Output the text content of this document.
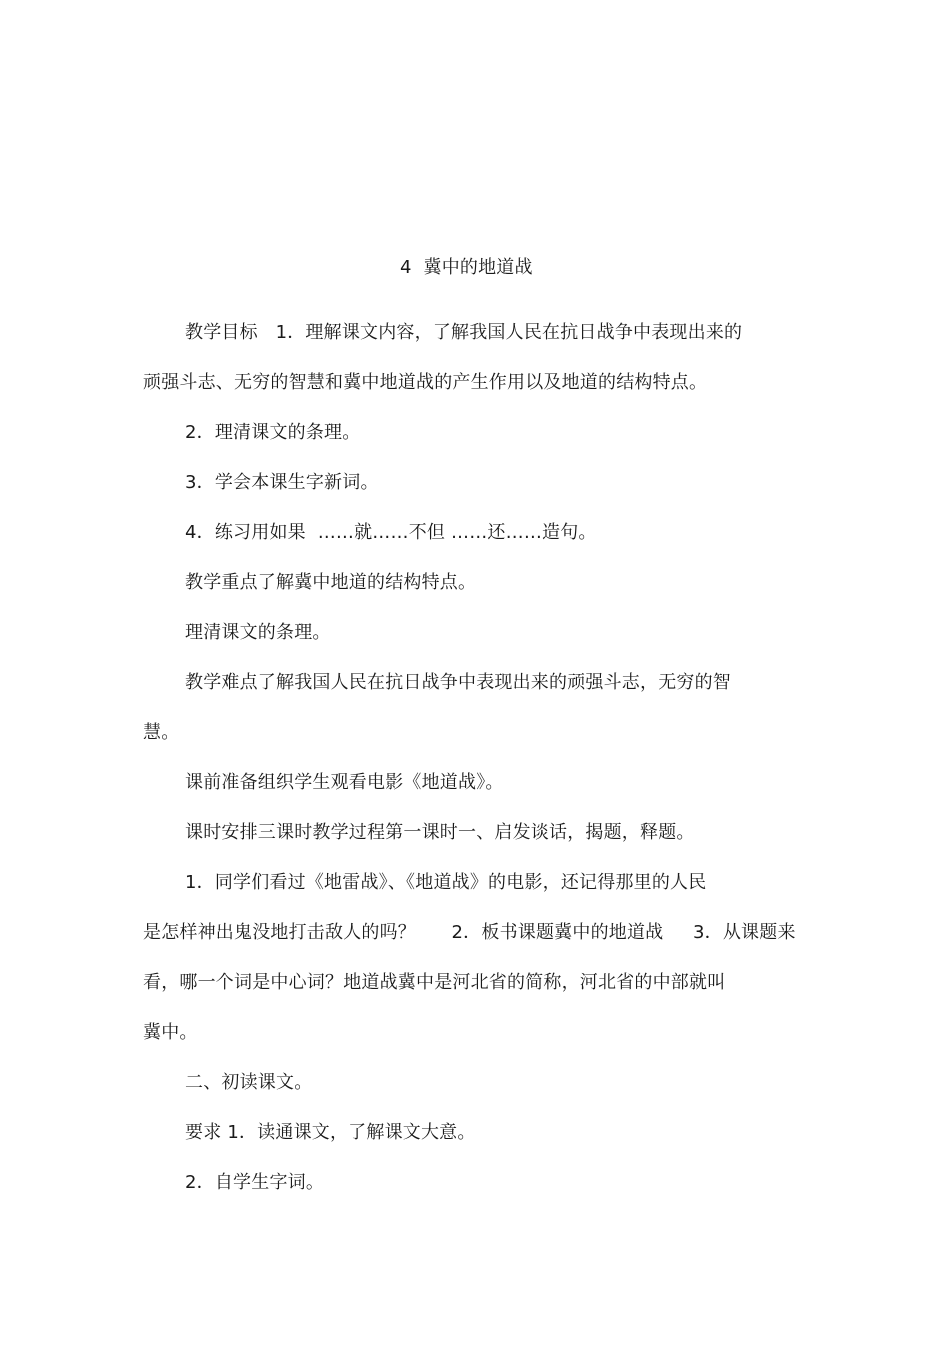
4  冀中的地道战
教学目标   1．理解课文内容，了解我国人民在抗日战争中表现出来的
顽强斗志、无穷的智慧和冀中地道战的产生作用以及地道的结构特点。
2．理清课文的条理。
3．学会本课生字新词。
4．练习用如果  ……就……不但 ……还……造句。
教学重点了解冀中地道的结构特点。
理清课文的条理。
教学难点了解我国人民在抗日战争中表现出来的顽强斗志，无穷的智
慧。
课前准备组织学生观看电影《地道战》。
课时安排三课时教学过程第一课时一、启发谈话，揭题，释题。
1．同学们看过《地雷战》、《地道战》的电影，还记得那里的人民
是怎样神出鬼没地打击敌人的吗？      2．板书课题冀中的地道战     3．从课题来
看，哪一个词是中心词？地道战冀中是河北省的简称，河北省的中部就叫
冀中。
二、初读课文。
要求 1．读通课文，了解课文大意。
2．自学生字词。
